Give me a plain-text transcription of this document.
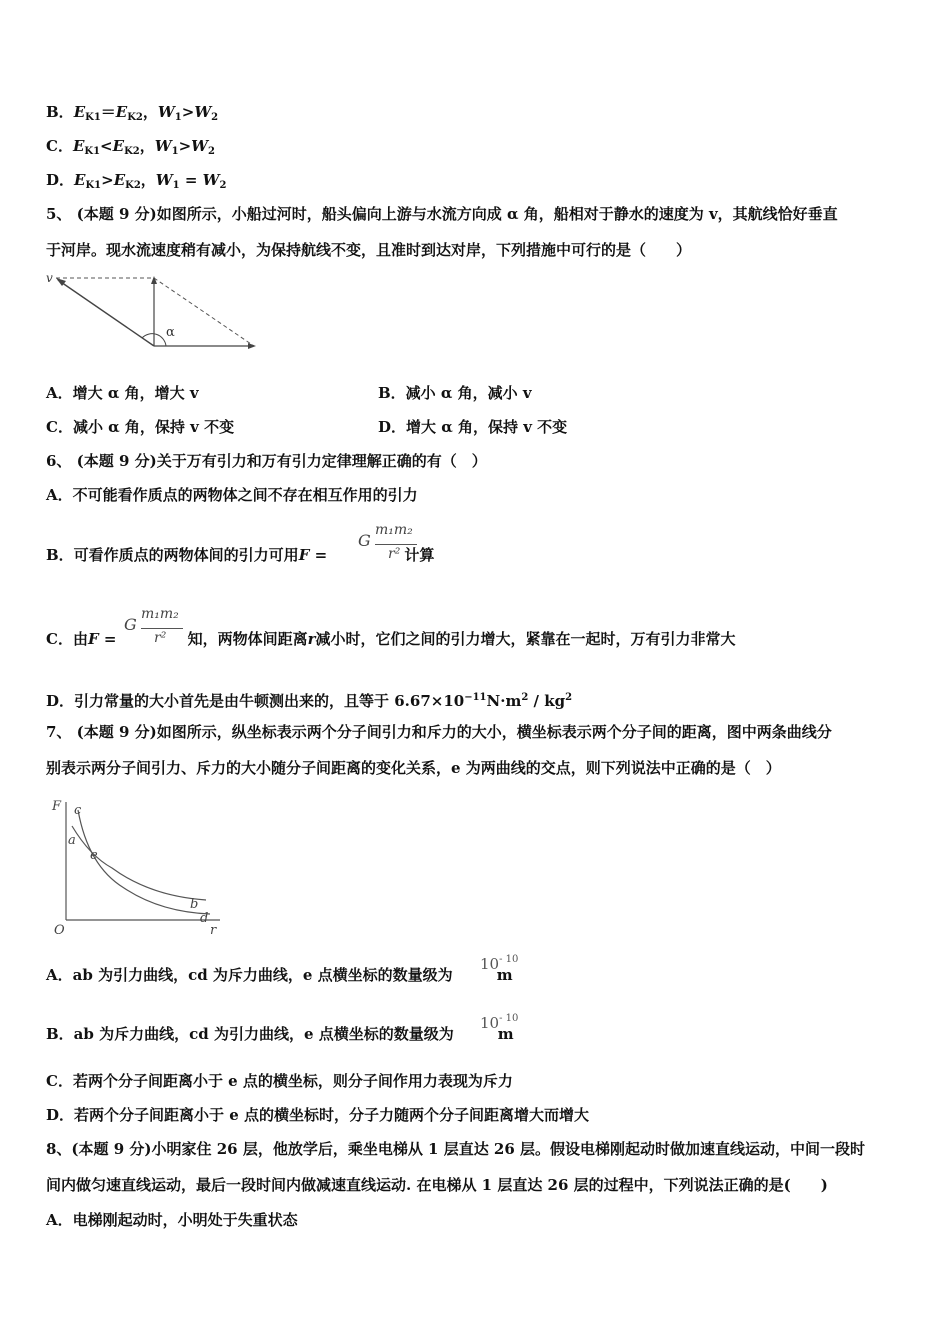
B．$E_{K1}=E_{K2}$，$W_1>W_2$
C．$E_{K1}<E_{K2}$，$W_1>W_2$
D．$E_{K1}>E_{K2}$，$W_1 = W_2$
5、 (本题 9 分)如图所示，小船过河时，船头偏向上游与水流方向成 α 角，船相对于静水的速度为 v，其航线恰好垂直
于河岸。现水流速度稍有减小，为保持航线不变，且准时到达对岸，下列措施中可行的是（　　）
v
α
A．增大 α 角，增大 v	B．减小 α 角，减小 v
C．减小 α 角，保持 v 不变	D．增大 α 角，保持 v 不变
6、 (本题 9 分)关于万有引力和万有引力定律理解正确的有（　）
A．不可能看作质点的两物体之间不存在相互作用的引力
B．可看作质点的两物体间的引力可用F =	计算
G
m₁m₂
r²
C．由F =	知，两物体间距离r减小时，它们之间的引力增大，紧靠在一起时，万有引力非常大
G
m₁m₂
r²
D．引力常量的大小首先是由牛顿测出来的，且等于 $6.67\times 10^{-11}N\cdot m^2 / kg^2$
7、 (本题 9 分)如图所示，纵坐标表示两个分子间引力和斥力的大小，横坐标表示两个分子间的距离，图中两条曲线分
别表示两分子间引力、斥力的大小随分子间距离的变化关系，e 为两曲线的交点，则下列说法中正确的是（　）
F c
a
e
b
d
O	r
A．ab 为引力曲线，cd 为斥力曲线，e 点横坐标的数量级为	m
$10^{- 10}$
B．ab 为斥力曲线，cd 为引力曲线，e 点横坐标的数量级为	m
$10^{- 10}$
C．若两个分子间距离小于 e 点的横坐标，则分子间作用力表现为斥力
D．若两个分子间距离小于 e 点的横坐标时，分子力随两个分子间距离增大而增大
8、(本题 9 分)小明家住 26 层，他放学后，乘坐电梯从 1 层直达 26 层。假设电梯刚起动时做加速直线运动，中间一段时
间内做匀速直线运动，最后一段时间内做减速直线运动. 在电梯从 1 层直达 26 层的过程中，下列说法正确的是(　　)
A．电梯刚起动时，小明处于失重状态
